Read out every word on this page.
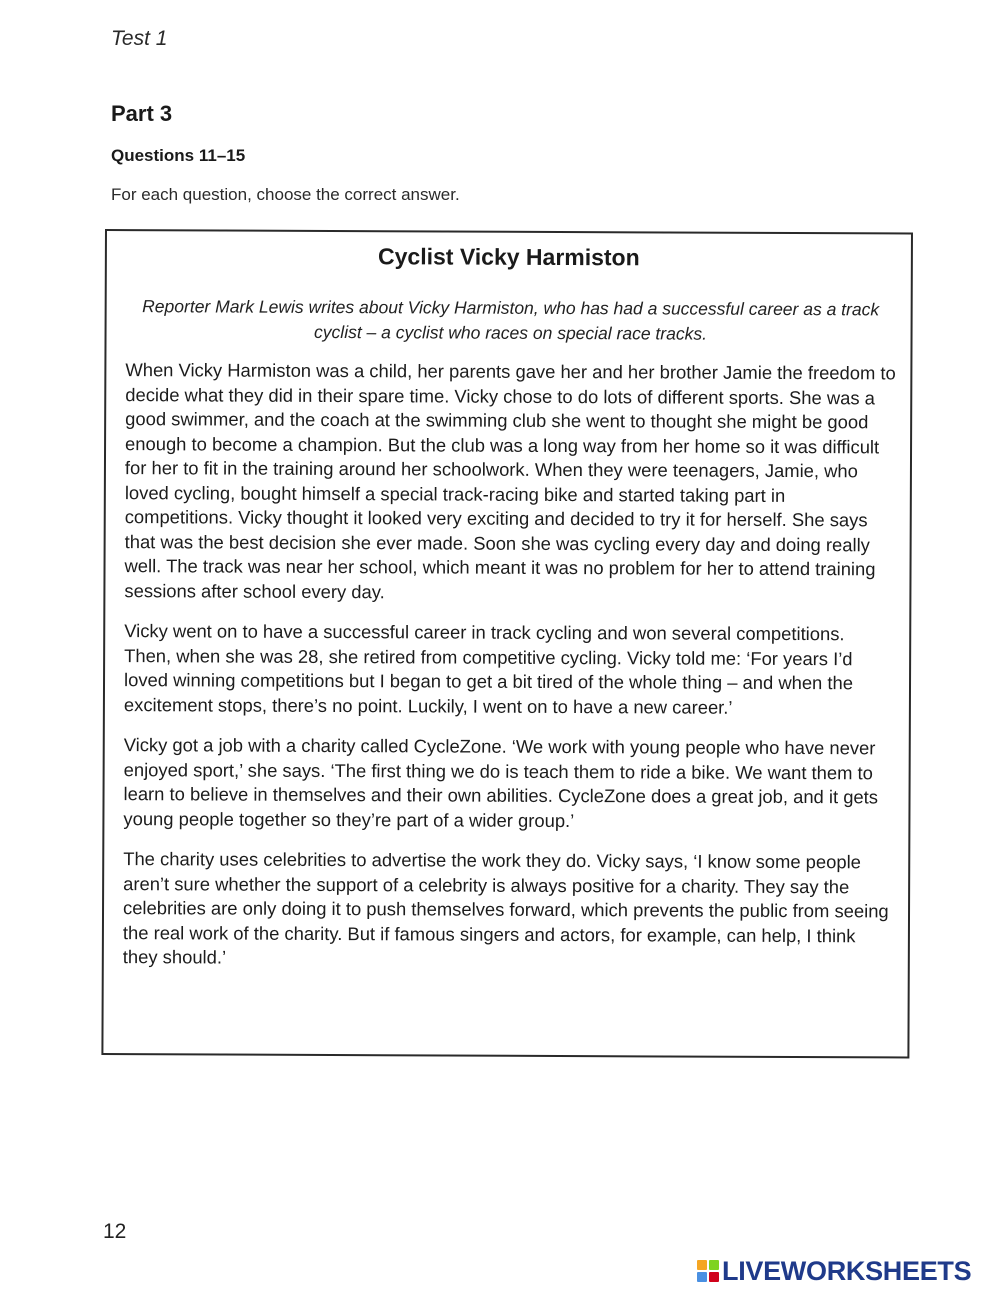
Test 1
Part 3
Questions 11–15
For each question, choose the correct answer.
Cyclist Vicky Harmiston
Reporter Mark Lewis writes about Vicky Harmiston, who has had a successful career as a track cyclist – a cyclist who races on special race tracks.

When Vicky Harmiston was a child, her parents gave her and her brother Jamie the freedom to decide what they did in their spare time. Vicky chose to do lots of different sports. She was a good swimmer, and the coach at the swimming club she went to thought she might be good enough to become a champion. But the club was a long way from her home so it was difficult for her to fit in the training around her schoolwork. When they were teenagers, Jamie, who loved cycling, bought himself a special track-racing bike and started taking part in competitions. Vicky thought it looked very exciting and decided to try it for herself. She says that was the best decision she ever made. Soon she was cycling every day and doing really well. The track was near her school, which meant it was no problem for her to attend training sessions after school every day.

Vicky went on to have a successful career in track cycling and won several competitions. Then, when she was 28, she retired from competitive cycling. Vicky told me: ‘For years I’d loved winning competitions but I began to get a bit tired of the whole thing – and when the excitement stops, there’s no point. Luckily, I went on to have a new career.’

Vicky got a job with a charity called CycleZone. ‘We work with young people who have never enjoyed sport,’ she says. ‘The first thing we do is teach them to ride a bike. We want them to learn to believe in themselves and their own abilities. CycleZone does a great job, and it gets young people together so they’re part of a wider group.’

The charity uses celebrities to advertise the work they do. Vicky says, ‘I know some people aren’t sure whether the support of a celebrity is always positive for a charity. They say the celebrities are only doing it to push themselves forward, which prevents the public from seeing the real work of the charity. But if famous singers and actors, for example, can help, I think they should.’

12
LIVEWORKSHEETS
